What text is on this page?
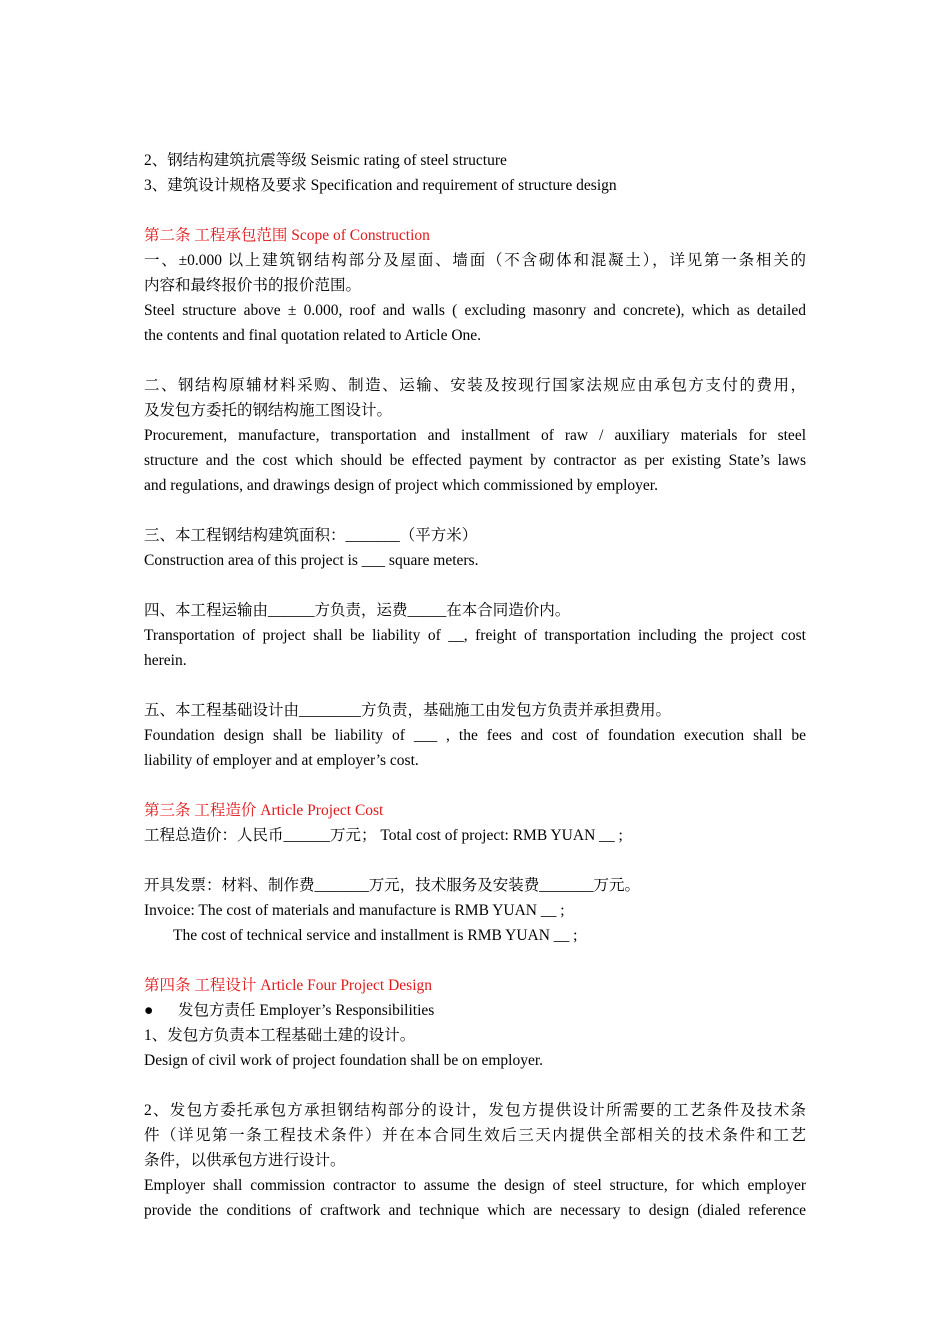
2、钢结构建筑抗震等级 Seismic rating of steel structure
3、建筑设计规格及要求 Specification and requirement of structure design
第二条 工程承包范围 Scope of Construction
一、±0.000 以上建筑钢结构部分及屋面、墙面（不含砌体和混凝土），详见第一条相关的
内容和最终报价书的报价范围。
Steel structure above ± 0.000, roof and walls ( excluding masonry and concrete), which as detailed
the contents and final quotation related to Article One.
二、钢结构原辅材料采购、制造、运输、安装及按现行国家法规应由承包方支付的费用，
及发包方委托的钢结构施工图设计。
Procurement, manufacture, transportation and installment of raw / auxiliary materials for steel
structure and the cost which should be effected payment by contractor as per existing State’s laws
and regulations, and drawings design of project which commissioned by employer.
三、本工程钢结构建筑面积：_______（平方米）
Construction area of this project is ___ square meters.
四、本工程运输由______方负责，运费_____在本合同造价内。
Transportation of project shall be liability of __, freight of transportation including the project cost
herein.
五、本工程基础设计由________方负责，基础施工由发包方负责并承担费用。
Foundation design shall be liability of ___ , the fees and cost of foundation execution shall be
liability of employer and at employer’s cost.
第三条 工程造价 Article Project Cost
工程总造价：人民币______万元； Total cost of project: RMB YUAN __ ;
开具发票：材料、制作费_______万元，技术服务及安装费_______万元。
Invoice: The cost of materials and manufacture is RMB YUAN __ ;
The cost of technical service and installment is RMB YUAN __ ;
第四条 工程设计 Article Four Project Design
● 发包方责任 Employer’s Responsibilities
1、发包方负责本工程基础土建的设计。
Design of civil work of project foundation shall be on employer.
2、发包方委托承包方承担钢结构部分的设计，发包方提供设计所需要的工艺条件及技术条
件（详见第一条工程技术条件）并在本合同生效后三天内提供全部相关的技术条件和工艺
条件，以供承包方进行设计。
Employer shall commission contractor to assume the design of steel structure, for which employer
provide the conditions of craftwork and technique which are necessary to design (dialed reference
